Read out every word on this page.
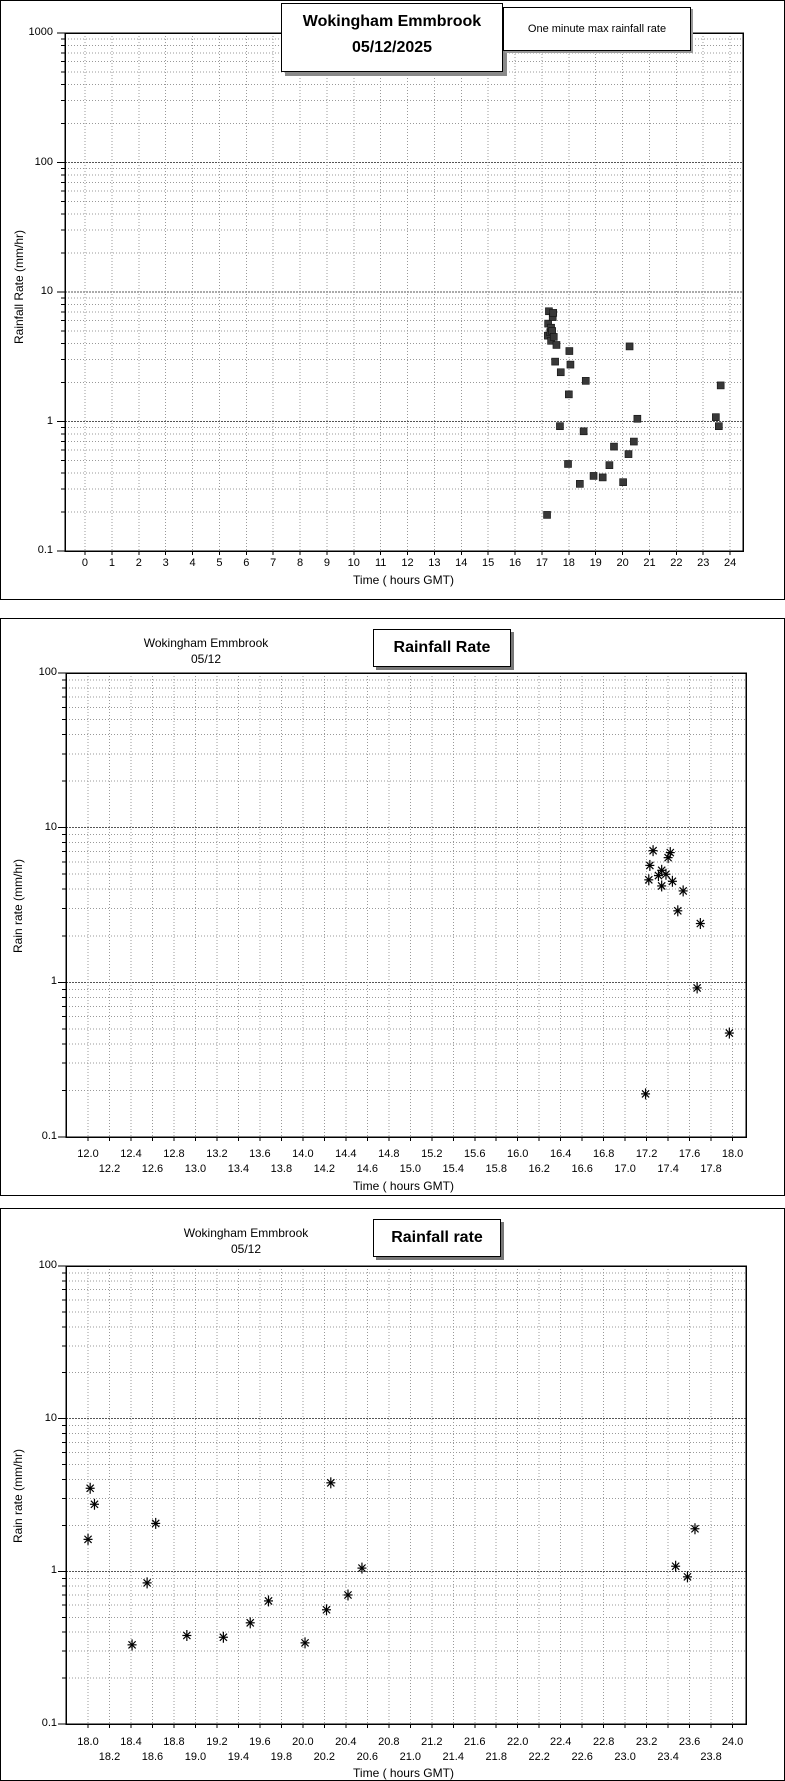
Wokingham Emmbrook
05/12/2025
One minute max rainfall rate
Rainfall Rate (mm/hr)
Time ( hours GMT)
1000
100
10
1
0.1
0 1 2 3 4 5 6 7 8 9 10 11 12 13 14 15 16 17 18 19 20 21 22 23 24
Wokingham Emmbrook
05/12
Rainfall Rate
Rain rate (mm/hr)
Time ( hours GMT)
100
10
1
0.1
12.0 12.4 12.8 13.2 13.6 14.0 14.4 14.8 15.2 15.6 16.0 16.4 16.8 17.2 17.6 18.0
12.2 12.6 13.0 13.4 13.8 14.2 14.6 15.0 15.4 15.8 16.2 16.6 17.0 17.4 17.8
Wokingham Emmbrook
05/12
Rainfall rate
Rain rate (mm/hr)
Time ( hours GMT)
100
10
1
0.1
18.0 18.4 18.8 19.2 19.6 20.0 20.4 20.8 21.2 21.6 22.0 22.4 22.8 23.2 23.6 24.0
18.2 18.6 19.0 19.4 19.8 20.2 20.6 21.0 21.4 21.8 22.2 22.6 23.0 23.4 23.8
